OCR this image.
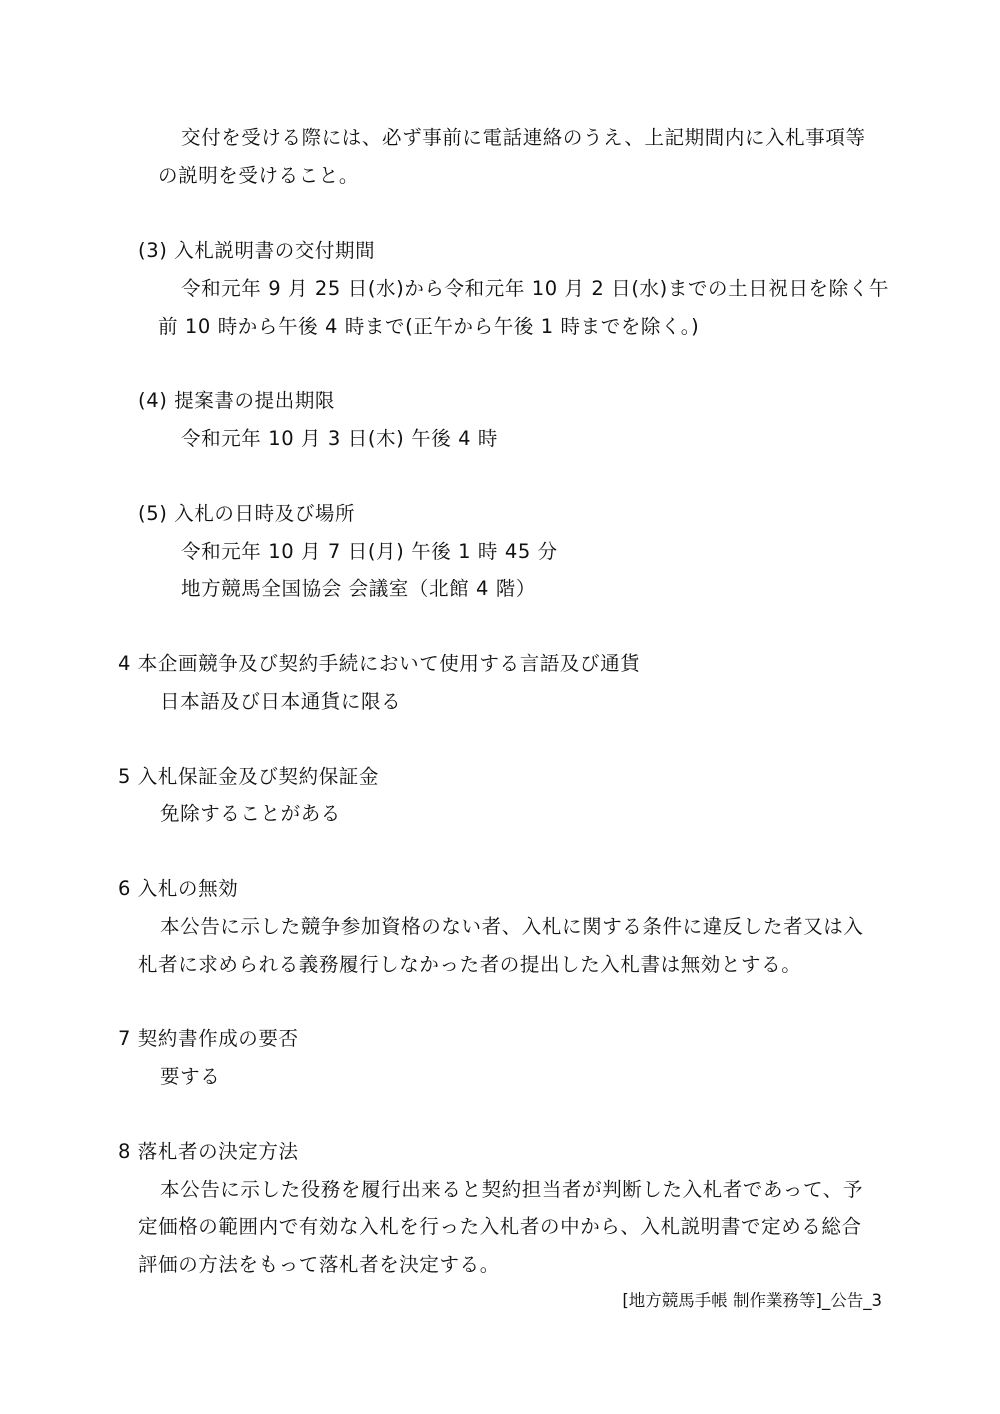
交付を受ける際には、必ず事前に電話連絡のうえ、上記期間内に入札事項等
の説明を受けること。
(3) 入札説明書の交付期間
令和元年 9 月 25 日(水)から令和元年 10 月 2 日(水)までの土日祝日を除く午
前 10 時から午後 4 時まで(正午から午後 1 時までを除く。)
(4) 提案書の提出期限
令和元年 10 月 3 日(木) 午後 4 時
(5) 入札の日時及び場所
令和元年 10 月 7 日(月) 午後 1 時 45 分
地方競馬全国協会 会議室（北館 4 階）
4 本企画競争及び契約手続において使用する言語及び通貨
日本語及び日本通貨に限る
5 入札保証金及び契約保証金
免除することがある
6 入札の無効
本公告に示した競争参加資格のない者、入札に関する条件に違反した者又は入
札者に求められる義務履行しなかった者の提出した入札書は無効とする。
7 契約書作成の要否
要する
8 落札者の決定方法
本公告に示した役務を履行出来ると契約担当者が判断した入札者であって、予
定価格の範囲内で有効な入札を行った入札者の中から、入札説明書で定める総合
評価の方法をもって落札者を決定する。
[地方競馬手帳 制作業務等]_公告_3
